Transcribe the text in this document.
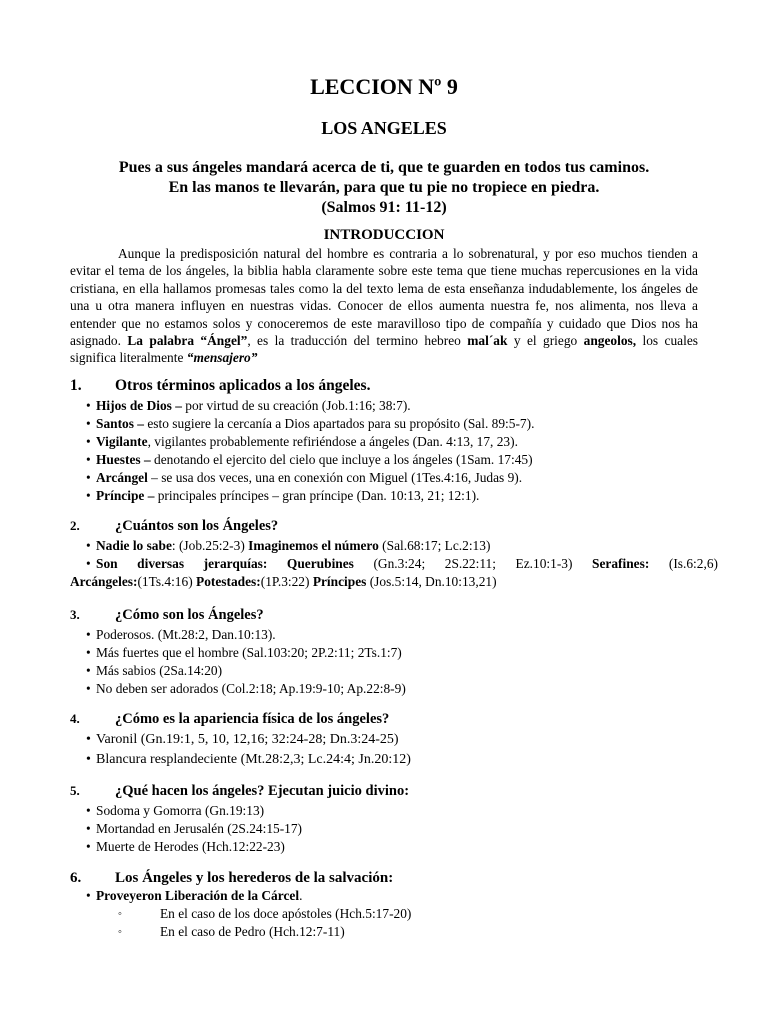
LECCION Nº 9
LOS ANGELES
Pues a sus ángeles mandará acerca de ti, que te guarden en todos tus caminos.
En las manos te llevarán, para que tu pie no tropiece en piedra.
(Salmos 91: 11-12)
INTRODUCCION
Aunque la predisposición natural del hombre es contraria a lo sobrenatural, y por eso muchos tienden a evitar el tema de los ángeles, la biblia habla claramente sobre este tema que tiene muchas repercusiones en la vida cristiana, en ella hallamos promesas tales como la del texto lema de esta enseñanza indudablemente, los ángeles de una u otra manera influyen en nuestras vidas. Conocer de ellos aumenta nuestra fe, nos alimenta, nos lleva a entender que no estamos solos y conoceremos de este maravilloso tipo de compañía y cuidado que Dios nos ha asignado. La palabra “Ángel”, es la traducción del termino hebreo mal´ak y el griego angeolos, los cuales significa literalmente “mensajero”
1.	Otros términos aplicados a los ángeles.
• Hijos de Dios – por virtud de su creación (Job.1:16; 38:7).
• Santos – esto sugiere la cercanía a Dios apartados para su propósito (Sal. 89:5-7).
• Vigilante, vigilantes probablemente refiriéndose a ángeles (Dan. 4:13, 17, 23).
• Huestes – denotando el ejercito del cielo que incluye a los ángeles (1Sam. 17:45)
• Arcángel – se usa dos veces, una en conexión con Miguel (1Tes.4:16, Judas 9).
• Príncipe – principales príncipes – gran príncipe (Dan. 10:13, 21; 12:1).
2.	¿Cuántos son los Ángeles?
• Nadie lo sabe: (Job.25:2-3) Imaginemos el número (Sal.68:17; Lc.2:13)
• Son diversas jerarquías: Querubines (Gn.3:24; 2S.22:11; Ez.10:1-3) Serafines: (Is.6:2,6)
Arcángeles:(1Ts.4:16) Potestades:(1P.3:22) Príncipes (Jos.5:14, Dn.10:13,21)
3.	¿Cómo son los Ángeles?
• Poderosos. (Mt.28:2, Dan.10:13).
• Más fuertes que el hombre (Sal.103:20; 2P.2:11; 2Ts.1:7)
• Más sabios (2Sa.14:20)
• No deben ser adorados (Col.2:18; Ap.19:9-10; Ap.22:8-9)
4.	¿Cómo es la apariencia física de los ángeles?
• Varonil (Gn.19:1, 5, 10, 12,16; 32:24-28; Dn.3:24-25)
• Blancura resplandeciente (Mt.28:2,3; Lc.24:4; Jn.20:12)
5.	¿Qué hacen los ángeles? Ejecutan juicio divino:
• Sodoma y Gomorra (Gn.19:13)
• Mortandad en Jerusalén (2S.24:15-17)
• Muerte de Herodes (Hch.12:22-23)
6.	Los Ángeles y los herederos de la salvación:
• Proveyeron Liberación de la Cárcel.
◦	En el caso de los doce apóstoles (Hch.5:17-20)
◦	En el caso de Pedro (Hch.12:7-11)
